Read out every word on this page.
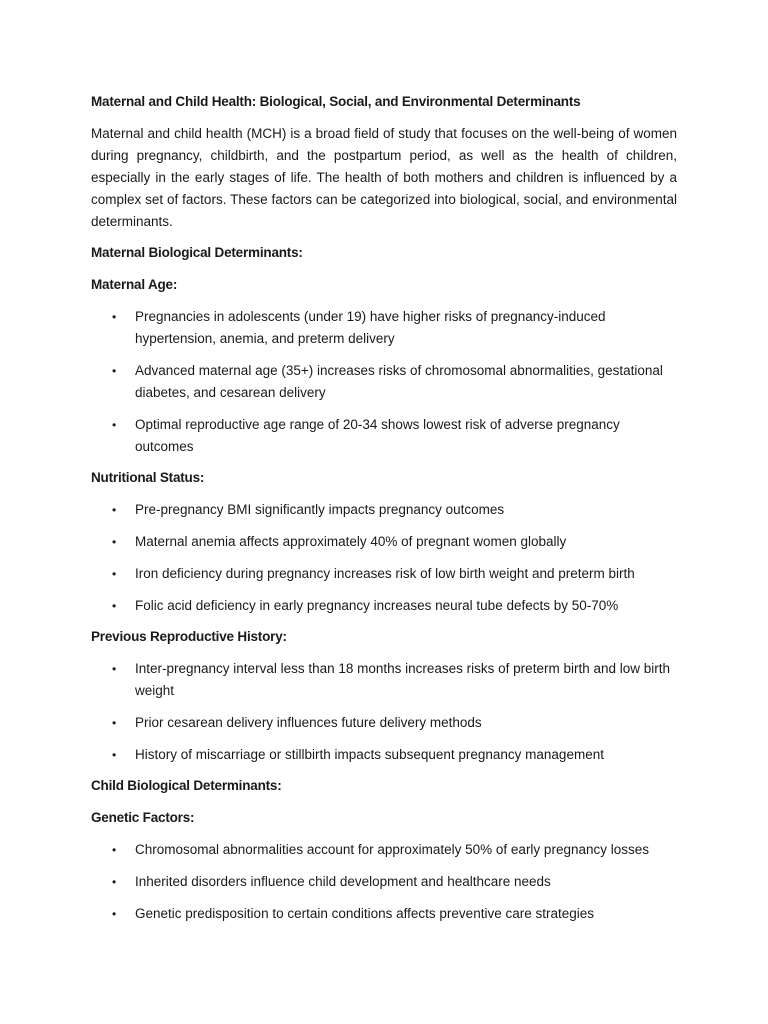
Maternal and Child Health: Biological, Social, and Environmental Determinants

Maternal and child health (MCH) is a broad field of study that focuses on the well-being of women during pregnancy, childbirth, and the postpartum period, as well as the health of children, especially in the early stages of life. The health of both mothers and children is influenced by a complex set of factors. These factors can be categorized into biological, social, and environmental determinants.

Maternal Biological Determinants:
Maternal Age:
• Pregnancies in adolescents (under 19) have higher risks of pregnancy-induced hypertension, anemia, and preterm delivery
• Advanced maternal age (35+) increases risks of chromosomal abnormalities, gestational diabetes, and cesarean delivery
• Optimal reproductive age range of 20-34 shows lowest risk of adverse pregnancy outcomes
Nutritional Status:
• Pre-pregnancy BMI significantly impacts pregnancy outcomes
• Maternal anemia affects approximately 40% of pregnant women globally
• Iron deficiency during pregnancy increases risk of low birth weight and preterm birth
• Folic acid deficiency in early pregnancy increases neural tube defects by 50-70%
Previous Reproductive History:
• Inter-pregnancy interval less than 18 months increases risks of preterm birth and low birth weight
• Prior cesarean delivery influences future delivery methods
• History of miscarriage or stillbirth impacts subsequent pregnancy management
Child Biological Determinants:
Genetic Factors:
• Chromosomal abnormalities account for approximately 50% of early pregnancy losses
• Inherited disorders influence child development and healthcare needs
• Genetic predisposition to certain conditions affects preventive care strategies
